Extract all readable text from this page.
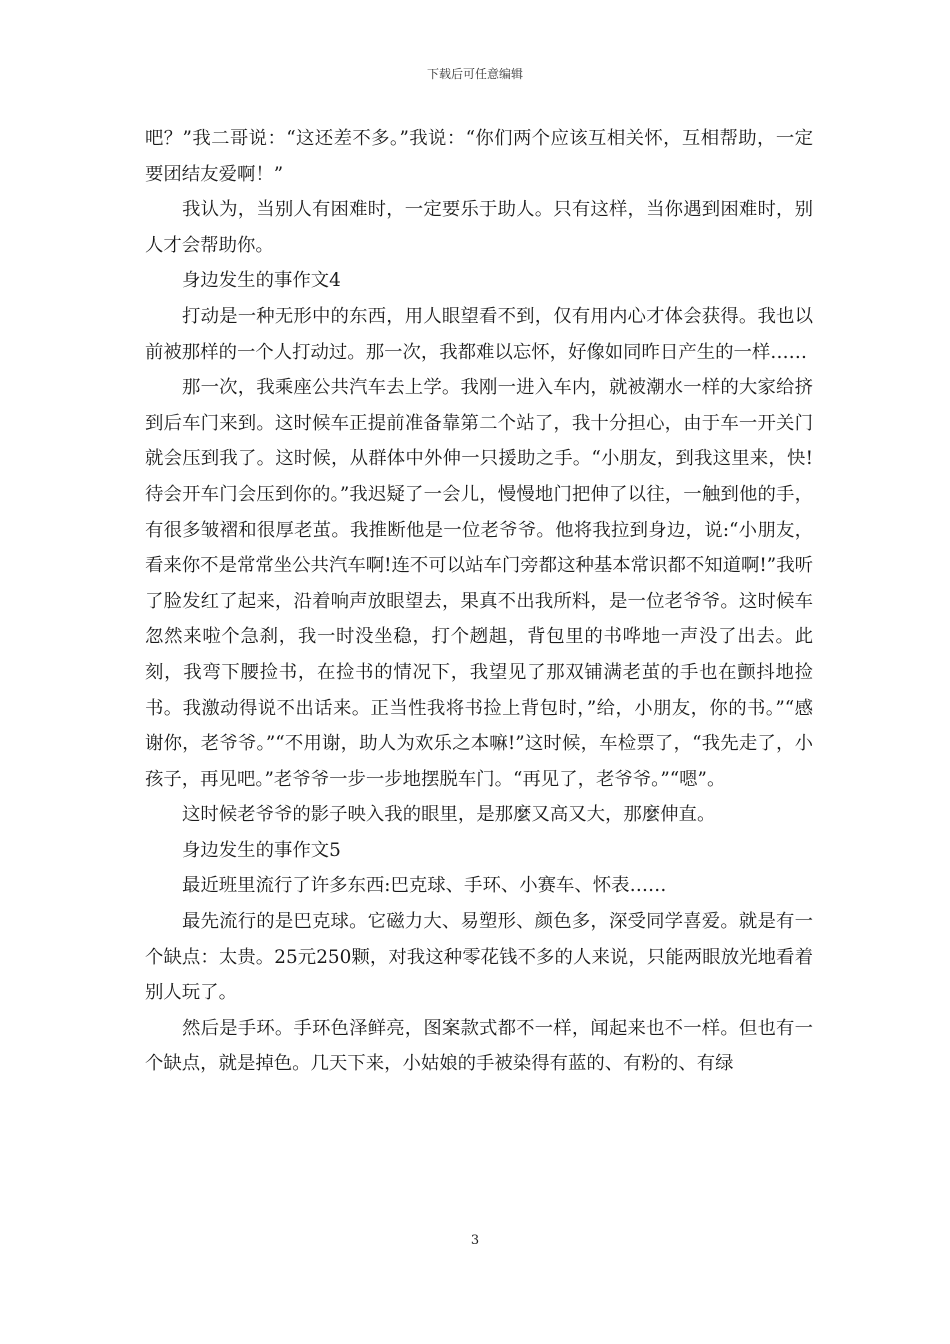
下载后可任意编辑

吧？”我二哥说：“这还差不多。”我说：“你们两个应该互相关怀，互相帮助，一定要团结友爱啊！”

我认为，当别人有困难时，一定要乐于助人。只有这样，当你遇到困难时，别人才会帮助你。

身边发生的事作文4

打动是一种无形中的东西，用人眼望看不到，仅有用内心才体会获得。我也以前被那样的一个人打动过。那一次，我都难以忘怀，好像如同昨日产生的一样……

那一次，我乘座公共汽车去上学。我刚一进入车内，就被潮水一样的大家给挤到后车门来到。这时候车正提前准备靠第二个站了，我十分担心，由于车一开关门就会压到我了。这时候，从群体中外伸一只援助之手。“小朋友，到我这里来，快!待会开车门会压到你的。”我迟疑了一会儿，慢慢地门把伸了以往，一触到他的手，有很多皱褶和很厚老茧。我推断他是一位老爷爷。他将我拉到身边，说:“小朋友，看来你不是常常坐公共汽车啊!连不可以站车门旁都这种基本常识都不知道啊!”我听了脸发红了起来，沿着响声放眼望去，果真不出我所料，是一位老爷爷。这时候车忽然来啦个急刹，我一时没坐稳，打个趔趄，背包里的书哗地一声没了出去。此刻，我弯下腰捡书，在捡书的情况下，我望见了那双铺满老茧的手也在颤抖地捡书。我激动得说不出话来。正当性我将书捡上背包时，”给，小朋友，你的书。”“感谢你，老爷爷。”“不用谢，助人为欢乐之本嘛!”这时候，车检票了，“我先走了，小孩子，再见吧。”老爷爷一步一步地摆脱车门。“再见了，老爷爷。”“嗯”。

这时候老爷爷的影子映入我的眼里，是那麼又高又大，那麼伸直。

身边发生的事作文5

最近班里流行了许多东西:巴克球、手环、小赛车、怀表……

最先流行的是巴克球。它磁力大、易塑形、颜色多，深受同学喜爱。就是有一个缺点：太贵。25元250颗，对我这种零花钱不多的人来说，只能两眼放光地看着别人玩了。

然后是手环。手环色泽鲜亮，图案款式都不一样，闻起来也不一样。但也有一个缺点，就是掉色。几天下来，小姑娘的手被染得有蓝的、有粉的、有绿

3
